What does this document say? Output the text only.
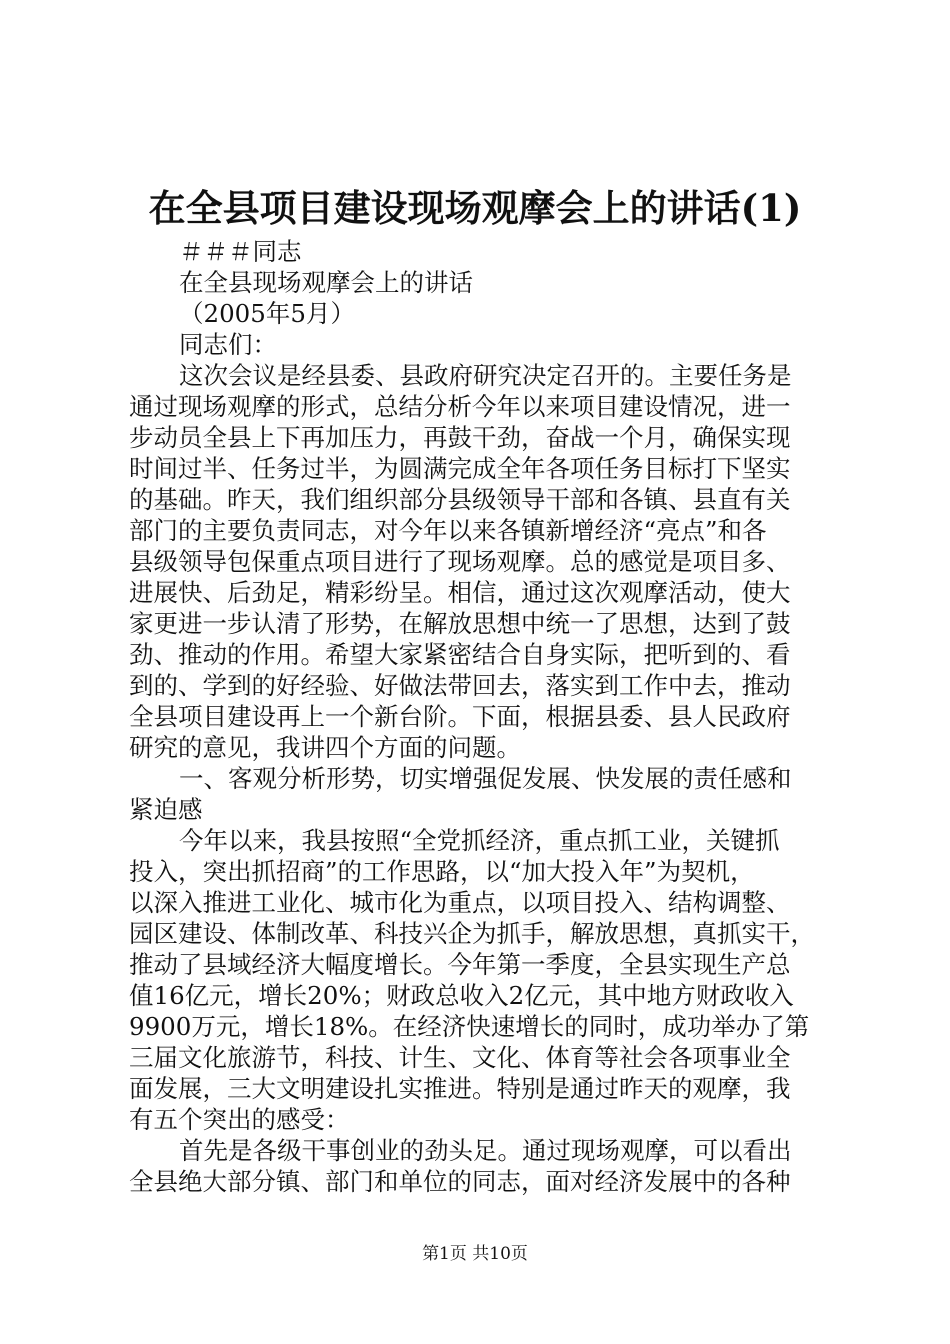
在全县项目建设现场观摩会上的讲话(1)
＃＃＃同志
在全县现场观摩会上的讲话
（2005年5月）
同志们：
这次会议是经县委、县政府研究决定召开的。主要任务是
通过现场观摩的形式，总结分析今年以来项目建设情况，进一
步动员全县上下再加压力，再鼓干劲，奋战一个月，确保实现
时间过半、任务过半，为圆满完成全年各项任务目标打下坚实
的基础。昨天，我们组织部分县级领导干部和各镇、县直有关
部门的主要负责同志，对今年以来各镇新增经济“亮点”和各
县级领导包保重点项目进行了现场观摩。总的感觉是项目多、
进展快、后劲足，精彩纷呈。相信，通过这次观摩活动，使大
家更进一步认清了形势，在解放思想中统一了思想，达到了鼓
劲、推动的作用。希望大家紧密结合自身实际，把听到的、看
到的、学到的好经验、好做法带回去，落实到工作中去，推动
全县项目建设再上一个新台阶。下面，根据县委、县人民政府
研究的意见，我讲四个方面的问题。
一、客观分析形势，切实增强促发展、快发展的责任感和
紧迫感
今年以来，我县按照“全党抓经济，重点抓工业，关键抓
投入，突出抓招商”的工作思路，以“加大投入年”为契机，
以深入推进工业化、城市化为重点，以项目投入、结构调整、
园区建设、体制改革、科技兴企为抓手，解放思想，真抓实干，
推动了县域经济大幅度增长。今年第一季度，全县实现生产总
值16亿元，增长20%；财政总收入2亿元，其中地方财政收入
9900万元，增长18%。在经济快速增长的同时，成功举办了第
三届文化旅游节，科技、计生、文化、体育等社会各项事业全
面发展，三大文明建设扎实推进。特别是通过昨天的观摩，我
有五个突出的感受：
首先是各级干事创业的劲头足。通过现场观摩，可以看出
全县绝大部分镇、部门和单位的同志，面对经济发展中的各种
第1页 共10页
